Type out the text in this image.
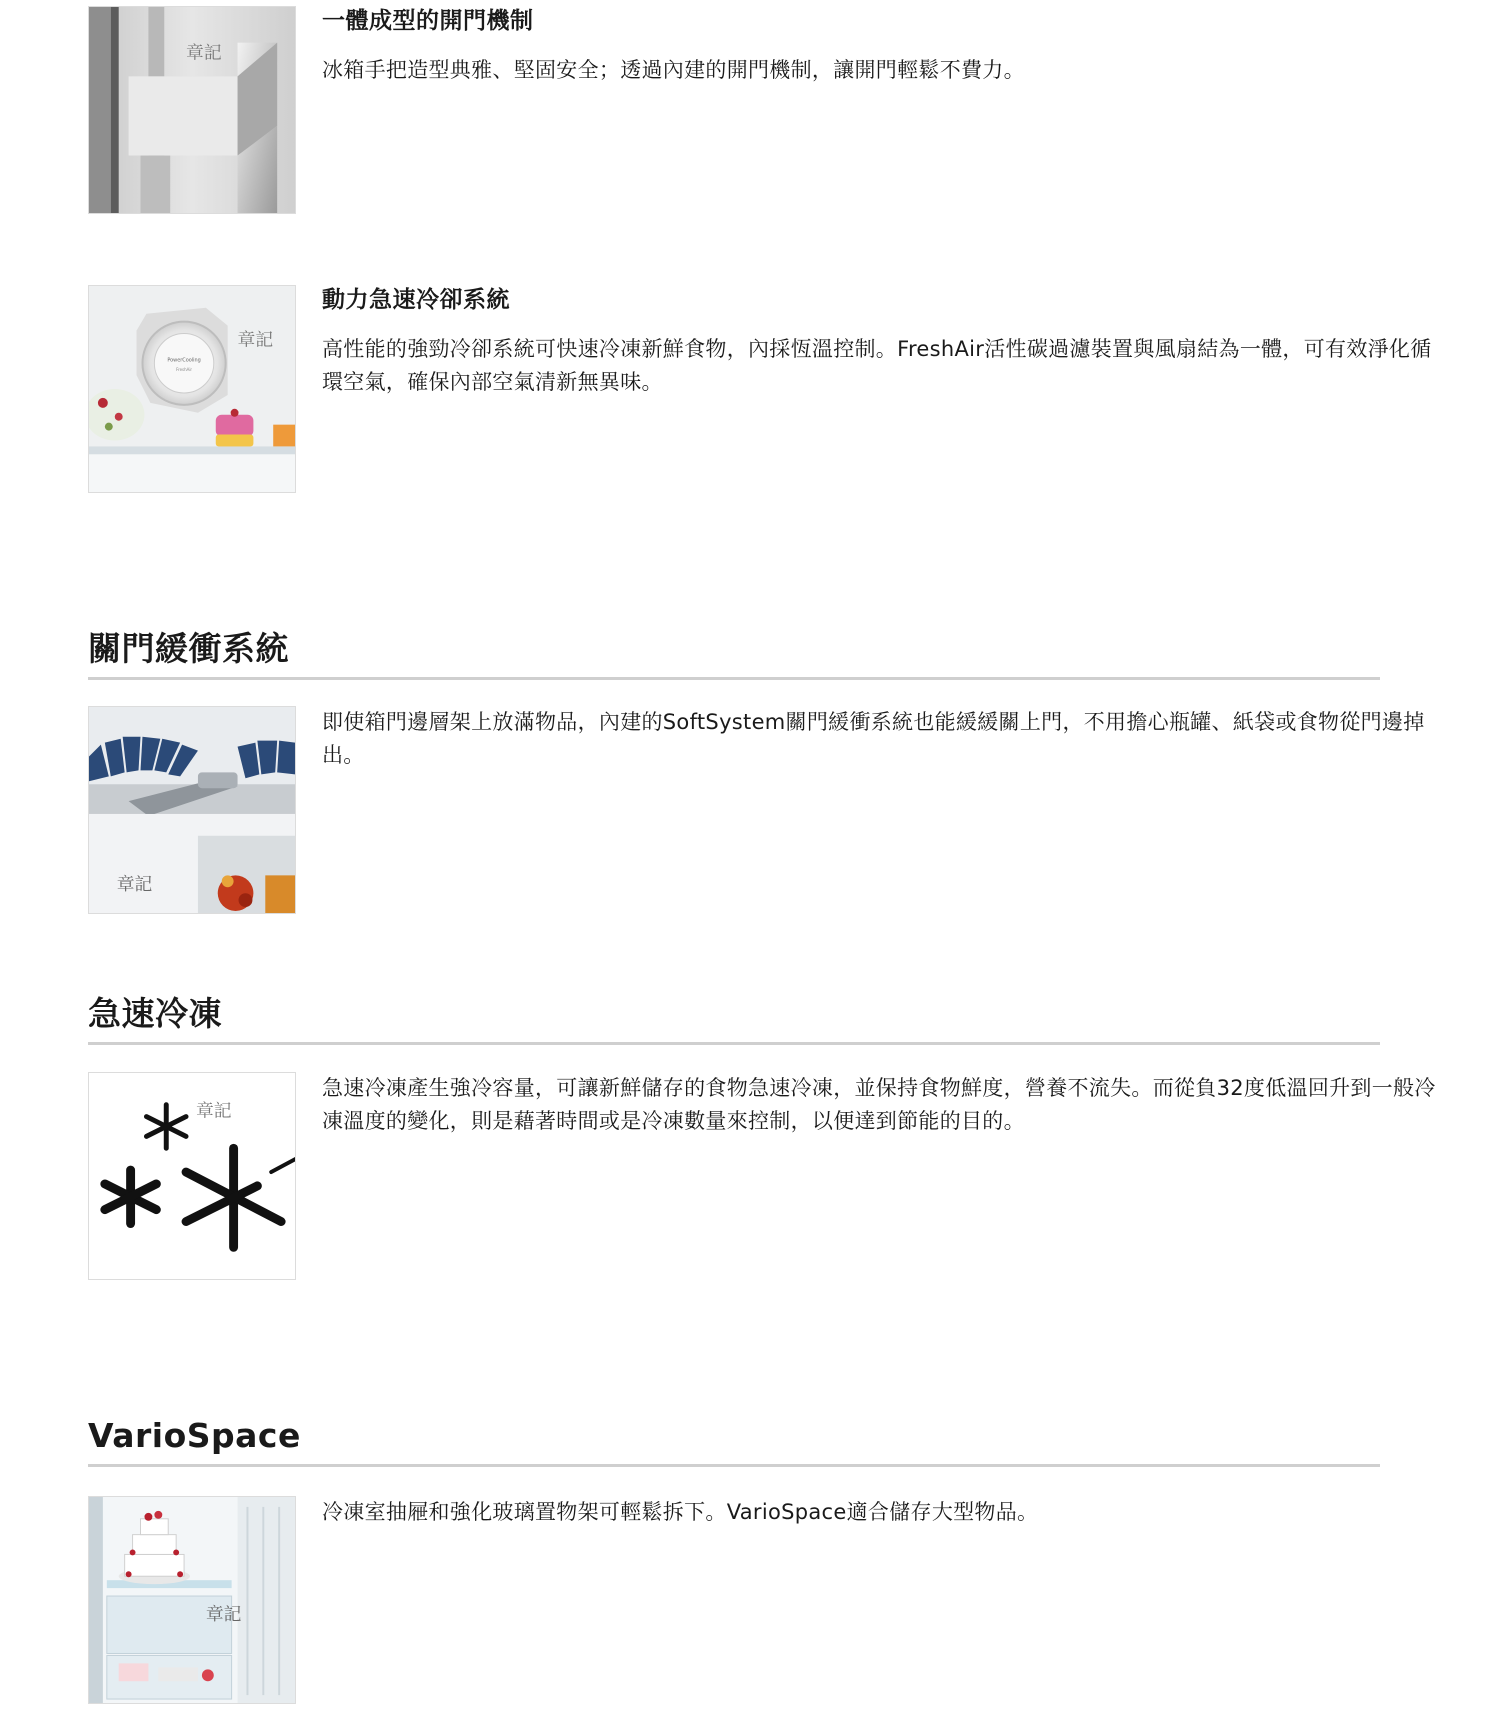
章記
一體成型的開門機制

冰箱手把造型典雅、堅固安全；透過內建的開門機制，讓開門輕鬆不費力。

PowerCooling
FreshAir
章記
動力急速冷卻系統

高性能的強勁冷卻系統可快速冷凍新鮮食物，內採恆溫控制。FreshAir活性碳過濾裝置與風扇結為一體，可有效淨化循環空氣，確保內部空氣清新無異味。

關門緩衝系統
章記

即使箱門邊層架上放滿物品，內建的SoftSystem關門緩衝系統也能緩緩關上門，不用擔心瓶罐、紙袋或食物從門邊掉出。

急速冷凍
章記

急速冷凍產生強冷容量，可讓新鮮儲存的食物急速冷凍，並保持食物鮮度，營養不流失。而從負32度低溫回升到一般冷凍溫度的變化，則是藉著時間或是冷凍數量來控制，以便達到節能的目的。

VarioSpace
章記

冷凍室抽屜和強化玻璃置物架可輕鬆拆下。VarioSpace適合儲存大型物品。
